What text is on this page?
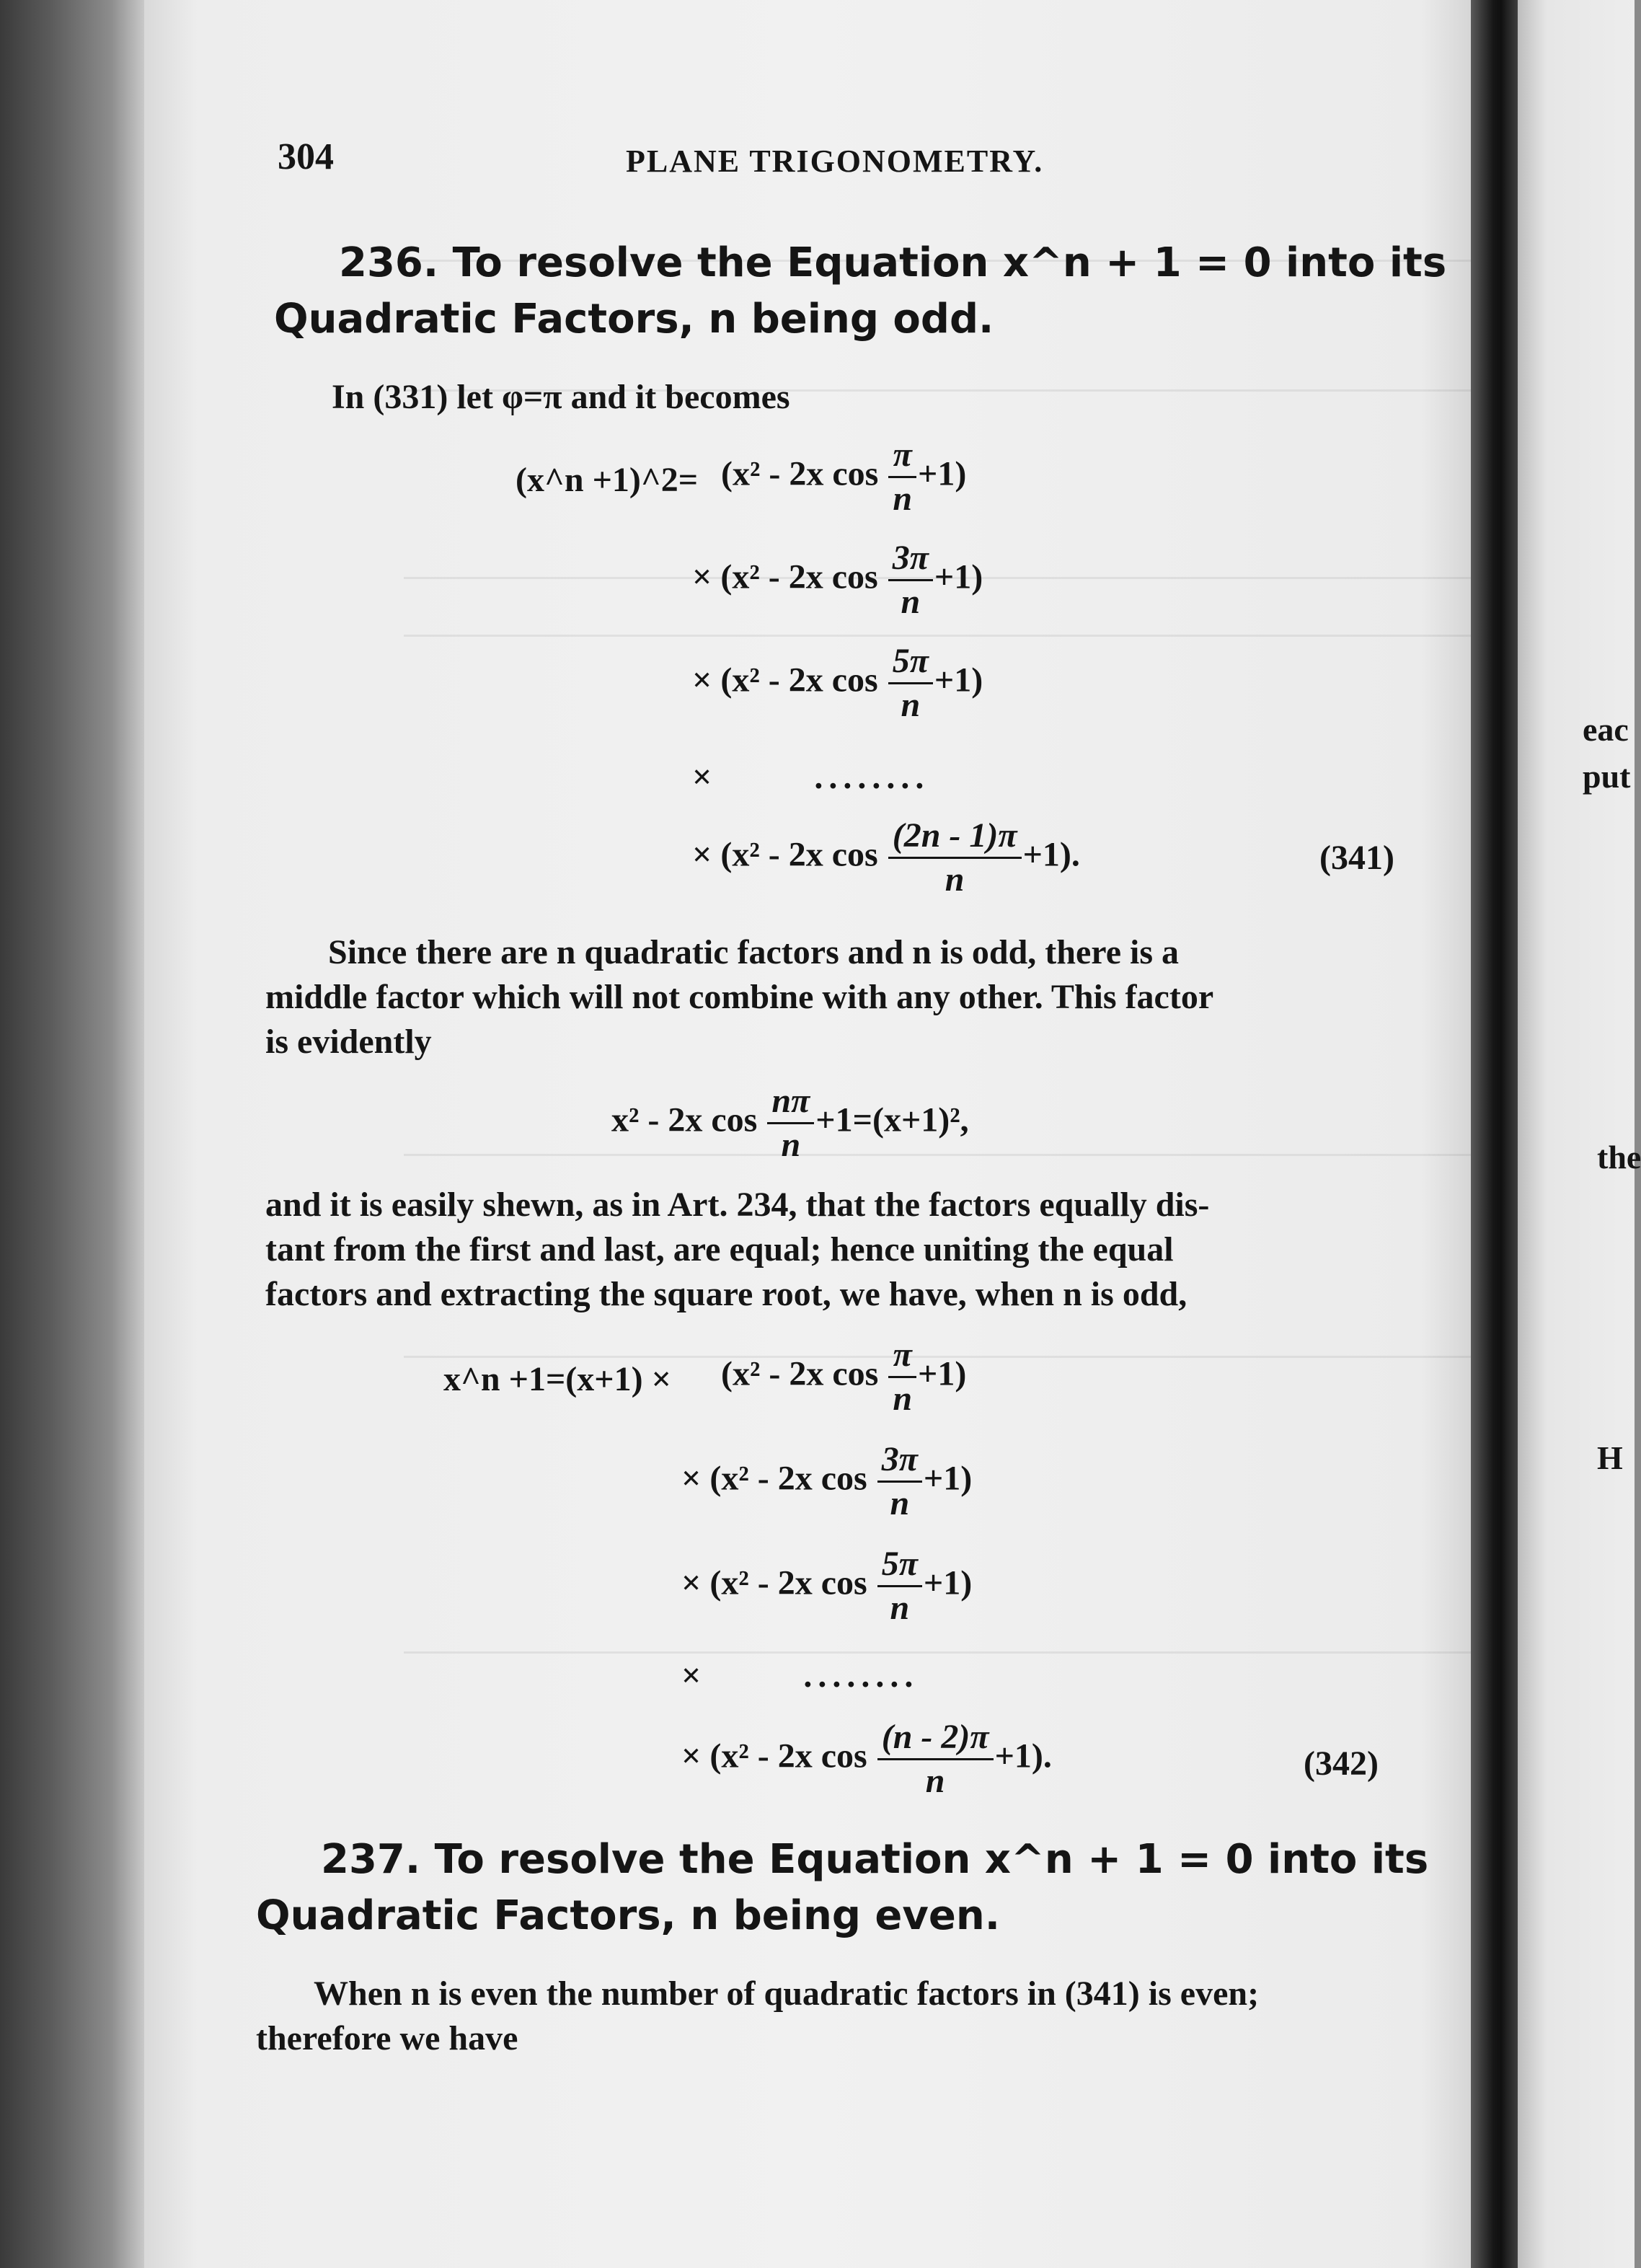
eac
put
the
H
304	PLANE TRIGONOMETRY.
236. To resolve the Equation x^n + 1 = 0 into its
Quadratic Factors, n being odd.
In (331) let φ=π and it becomes
(x^n +1)^2= (x² - 2x $\cos \frac{\pi}{n} +1$)
× (x² - 2x $\cos \frac{3\pi}{n} +1$)
× (x² - 2x $\cos \frac{5\pi}{n} +1$)
×	........
× (x² - 2x $\cos \frac{(2n - 1)\pi}{n} +1$).	(341)
Since there are n quadratic factors and n is odd, there is a
middle factor which will not combine with any other. This factor
is evidently
x² - 2x $\cos \frac{n\pi}{n} +1=(x+1)^2$,
and it is easily shewn, as in Art. 234, that the factors equally dis-
tant from the first and last, are equal; hence uniting the equal
factors and extracting the square root, we have, when n is odd,
x^n +1=(x+1) × (x² - 2x $\cos \frac{\pi}{n} +1$)
× (x² - 2x $\cos \frac{3\pi}{n} +1$)
× (x² - 2x $\cos \frac{5\pi}{n} +1$)
×	........
× (x² - 2x $\cos \frac{(n - 2)\pi}{n} +1$).	(342)
237. To resolve the Equation x^n + 1 = 0 into its
Quadratic Factors, n being even.
When n is even the number of quadratic factors in (341) is even;
therefore we have
